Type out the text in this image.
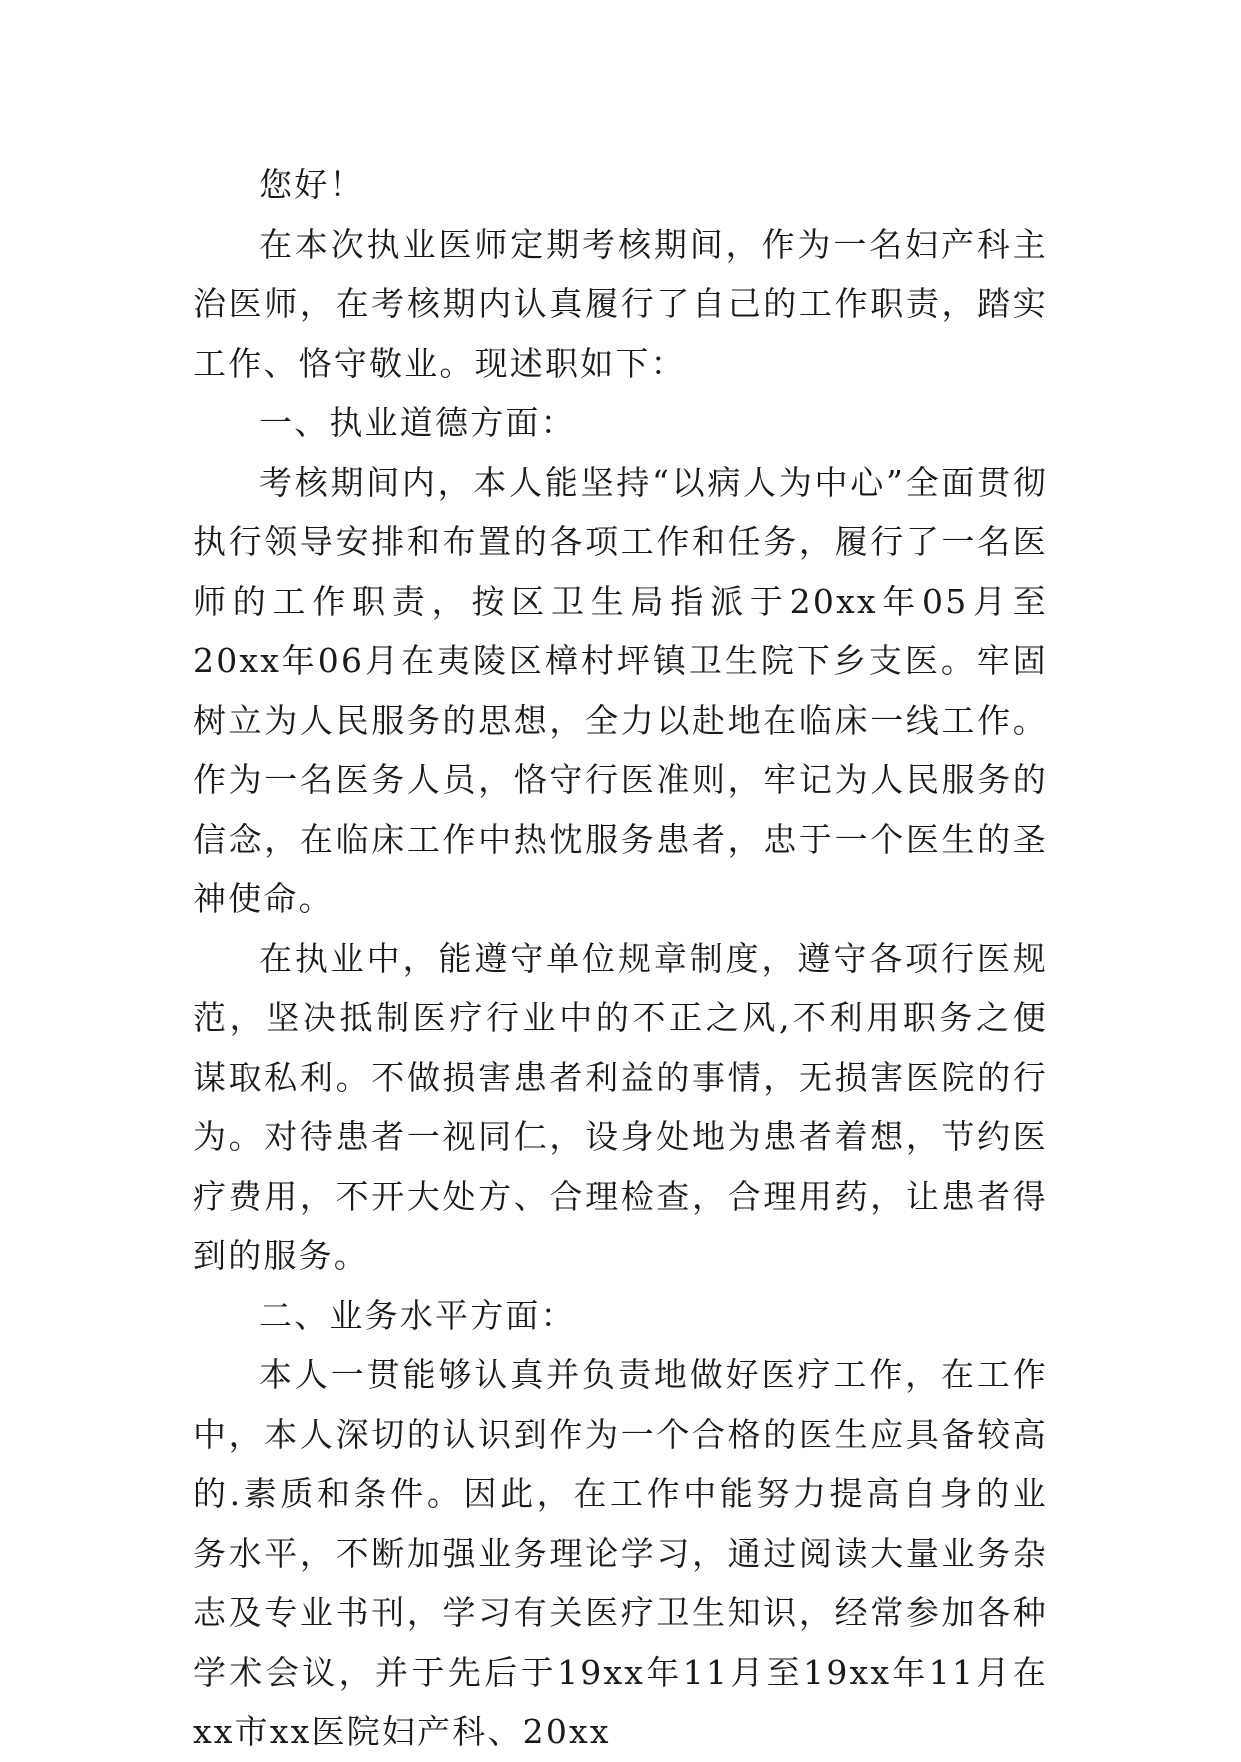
您好！

在本次执业医师定期考核期间，作为一名妇产科主治医师，在考核期内认真履行了自己的工作职责，踏实工作、恪守敬业。现述职如下：

一、执业道德方面：

考核期间内，本人能坚持“以病人为中心”全面贯彻执行领导安排和布置的各项工作和任务，履行了一名医师的工作职责，按区卫生局指派于20xx年05月至20xx年06月在夷陵区樟村坪镇卫生院下乡支医。牢固树立为人民服务的思想，全力以赴地在临床一线工作。作为一名医务人员，恪守行医准则，牢记为人民服务的信念，在临床工作中热忱服务患者，忠于一个医生的圣神使命。

在执业中，能遵守单位规章制度，遵守各项行医规范，坚决抵制医疗行业中的不正之风,不利用职务之便谋取私利。不做损害患者利益的事情，无损害医院的行为。对待患者一视同仁，设身处地为患者着想，节约医疗费用，不开大处方、合理检查，合理用药，让患者得到的服务。

二、业务水平方面：

本人一贯能够认真并负责地做好医疗工作，在工作中，本人深切的认识到作为一个合格的医生应具备较高的.素质和条件。因此，在工作中能努力提高自身的业务水平，不断加强业务理论学习，通过阅读大量业务杂志及专业书刊，学习有关医疗卫生知识，经常参加各种学术会议，并于先后于19xx年11月至19xx年11月在xx市xx医院妇产科、20xx
